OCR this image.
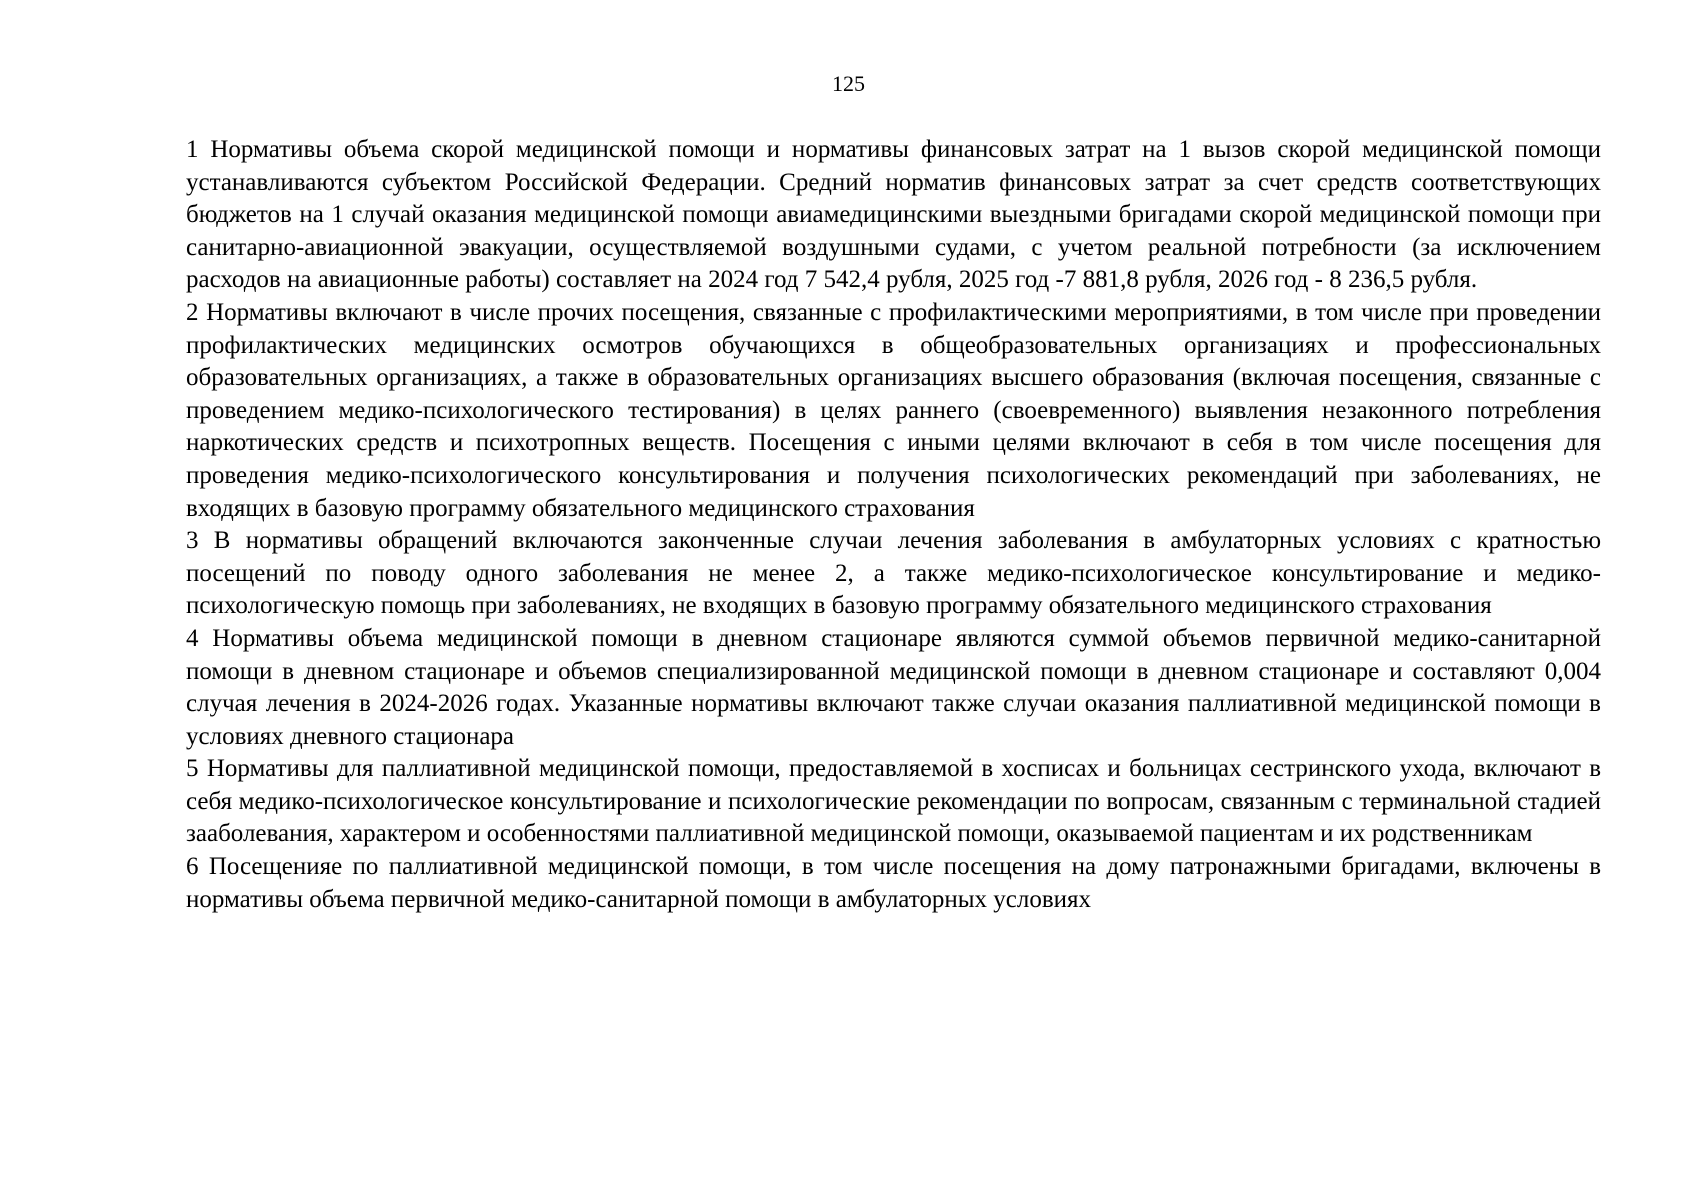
125

1 Нормативы объема скорой медицинской помощи и нормативы финансовых затрат на 1 вызов скорой медицинской помощи устанавливаются субъектом Российской Федерации. Средний норматив финансовых затрат за счет средств соответствующих бюджетов на 1 случай оказания медицинской помощи авиамедицинскими выездными бригадами скорой медицинской помощи при санитарно-авиационной эвакуации, осуществляемой воздушными судами, с учетом реальной потребности (за исключением расходов на авиационные работы) составляет на 2024 год 7 542,4 рубля, 2025 год -7 881,8 рубля, 2026 год - 8 236,5 рубля.

2 Нормативы включают в числе прочих посещения, связанные с профилактическими мероприятиями, в том числе при проведении профилактических медицинских осмотров обучающихся в общеобразовательных организациях и профессиональных образовательных организациях, а также в образовательных организациях высшего образования (включая посещения, связанные с проведением медико-психологического тестирования) в целях раннего (своевременного) выявления незаконного потребления наркотических средств и психотропных веществ. Посещения с иными целями включают в себя в том числе посещения для проведения медико-психологического консультирования и получения психологических рекомендаций при заболеваниях, не входящих в базовую программу обязательного медицинского страхования

3 В нормативы обращений включаются законченные случаи лечения заболевания в амбулаторных условиях с кратностью посещений по поводу одного заболевания не менее 2, а также медико-психологическое консультирование и медико-психологическую помощь при заболеваниях, не входящих в базовую программу обязательного медицинского страхования

4 Нормативы объема медицинской помощи в дневном стационаре являются суммой объемов первичной медико-санитарной помощи в дневном стационаре и объемов специализированной медицинской помощи в дневном стационаре и составляют 0,004 случая лечения в 2024-2026 годах. Указанные нормативы включают также случаи оказания паллиативной медицинской помощи в условиях дневного стационара

5 Нормативы для паллиативной медицинской помощи, предоставляемой в хосписах и больницах сестринского ухода, включают в себя медико-психологическое консультирование и психологические рекомендации по вопросам, связанным с терминальной стадией зааболевания, характером и особенностями паллиативной медицинской помощи, оказываемой пациентам и их родственникам

6 Посещенияе по паллиативной медицинской помощи, в том числе посещения на дому патронажными бригадами, включены в нормативы объема первичной медико-санитарной помощи в амбулаторных условиях
